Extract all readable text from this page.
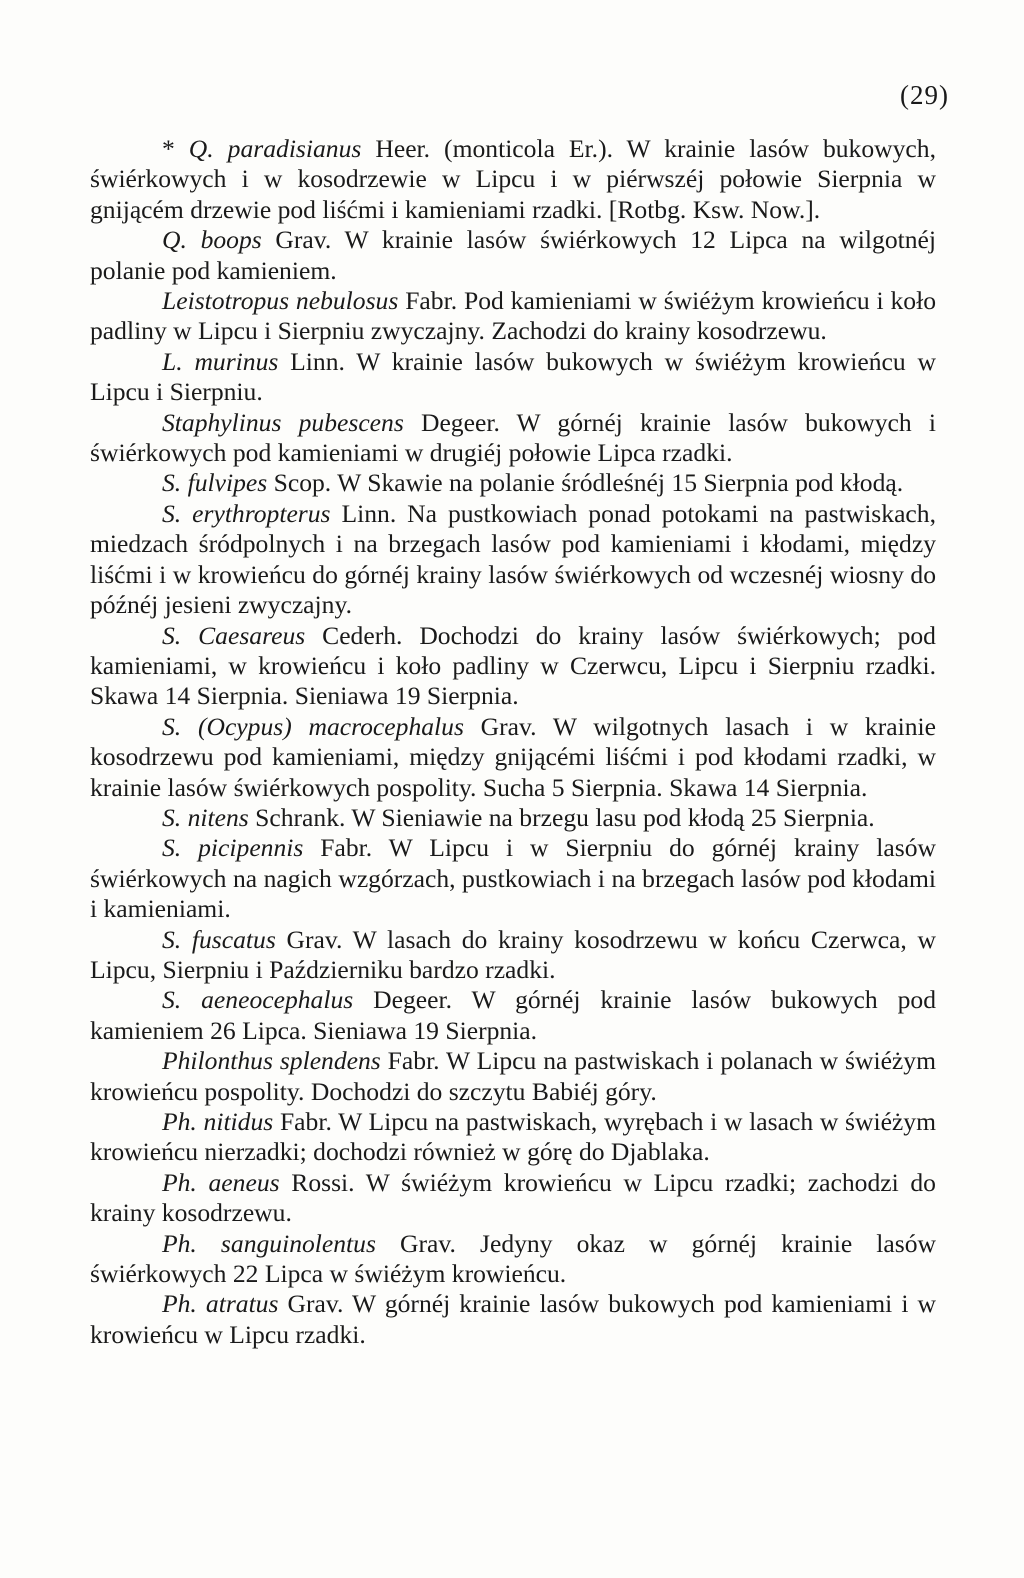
(29)

* Q. paradisianus Heer. (monticola Er.). W krainie lasów bukowych, świérkowych i w kosodrzewie w Lipcu i w piérwszéj połowie Sierpnia w gnijącém drzewie pod liśćmi i kamieniami rzadki. [Rotbg. Ksw. Now.].

Q. boops Grav. W krainie lasów świérkowych 12 Lipca na wilgotnéj polanie pod kamieniem.

Leistotropus nebulosus Fabr. Pod kamieniami w świéżym krowieńcu i koło padliny w Lipcu i Sierpniu zwyczajny. Zachodzi do krainy kosodrzewu.

L. murinus Linn. W krainie lasów bukowych w świéżym krowieńcu w Lipcu i Sierpniu.

Staphylinus pubescens Degeer. W górnéj krainie lasów bukowych i świérkowych pod kamieniami w drugiéj połowie Lipca rzadki.

S. fulvipes Scop. W Skawie na polanie śródleśnéj 15 Sierpnia pod kłodą.

S. erythropterus Linn. Na pustkowiach ponad potokami na pastwiskach, miedzach śródpolnych i na brzegach lasów pod kamieniami i kłodami, między liśćmi i w krowieńcu do górnéj krainy lasów świérkowych od wczesnéj wiosny do późnéj jesieni zwyczajny.

S. Caesareus Cederh. Dochodzi do krainy lasów świérkowych; pod kamieniami, w krowieńcu i koło padliny w Czerwcu, Lipcu i Sierpniu rzadki. Skawa 14 Sierpnia. Sieniawa 19 Sierpnia.

S. (Ocypus) macrocephalus Grav. W wilgotnych lasach i w krainie kosodrzewu pod kamieniami, między gnijącémi liśćmi i pod kłodami rzadki, w krainie lasów świérkowych pospolity. Sucha 5 Sierpnia. Skawa 14 Sierpnia.

S. nitens Schrank. W Sieniawie na brzegu lasu pod kłodą 25 Sierpnia.

S. picipennis Fabr. W Lipcu i w Sierpniu do górnéj krainy lasów świérkowych na nagich wzgórzach, pustkowiach i na brzegach lasów pod kłodami i kamieniami.

S. fuscatus Grav. W lasach do krainy kosodrzewu w końcu Czerwca, w Lipcu, Sierpniu i Październiku bardzo rzadki.

S. aeneocephalus Degeer. W górnéj krainie lasów bukowych pod kamieniem 26 Lipca. Sieniawa 19 Sierpnia.

Philonthus splendens Fabr. W Lipcu na pastwiskach i polanach w świéżym krowieńcu pospolity. Dochodzi do szczytu Babiéj góry.

Ph. nitidus Fabr. W Lipcu na pastwiskach, wyrębach i w lasach w świéżym krowieńcu nierzadki; dochodzi również w górę do Djablaka.

Ph. aeneus Rossi. W świéżym krowieńcu w Lipcu rzadki; zachodzi do krainy kosodrzewu.

Ph. sanguinolentus Grav. Jedyny okaz w górnéj krainie lasów świérkowych 22 Lipca w świéżym krowieńcu.

Ph. atratus Grav. W górnéj krainie lasów bukowych pod kamieniami i w krowieńcu w Lipcu rzadki.
